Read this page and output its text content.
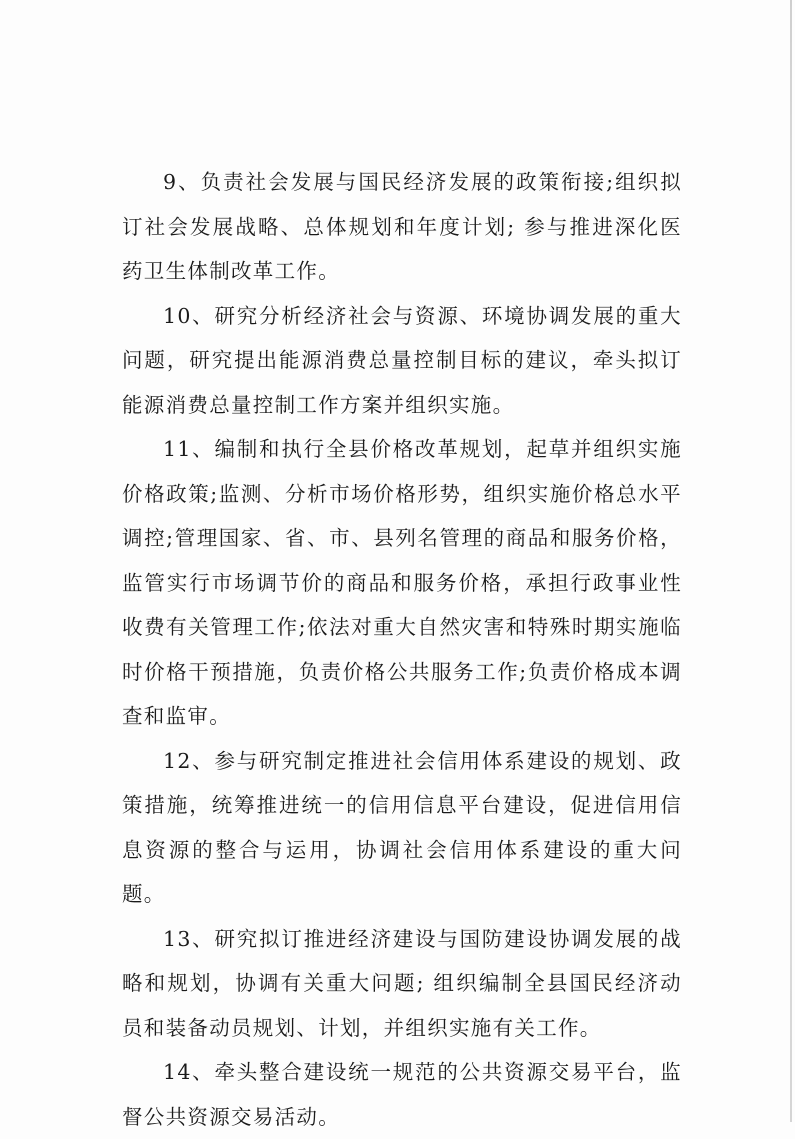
9、负责社会发展与国民经济发展的政策衔接;组织拟订社会发展战略、总体规划和年度计划; 参与推进深化医药卫生体制改革工作。

10、研究分析经济社会与资源、环境协调发展的重大问题，研究提出能源消费总量控制目标的建议，牵头拟订能源消费总量控制工作方案并组织实施。

11、编制和执行全县价格改革规划，起草并组织实施价格政策;监测、分析市场价格形势，组织实施价格总水平调控;管理国家、省、市、县列名管理的商品和服务价格，监管实行市场调节价的商品和服务价格，承担行政事业性收费有关管理工作;依法对重大自然灾害和特殊时期实施临时价格干预措施，负责价格公共服务工作;负责价格成本调查和监审。

12、参与研究制定推进社会信用体系建设的规划、政策措施，统筹推进统一的信用信息平台建设，促进信用信息资源的整合与运用，协调社会信用体系建设的重大问题。

13、研究拟订推进经济建设与国防建设协调发展的战略和规划，协调有关重大问题; 组织编制全县国民经济动员和装备动员规划、计划，并组织实施有关工作。

14、牵头整合建设统一规范的公共资源交易平台，监督公共资源交易活动。
